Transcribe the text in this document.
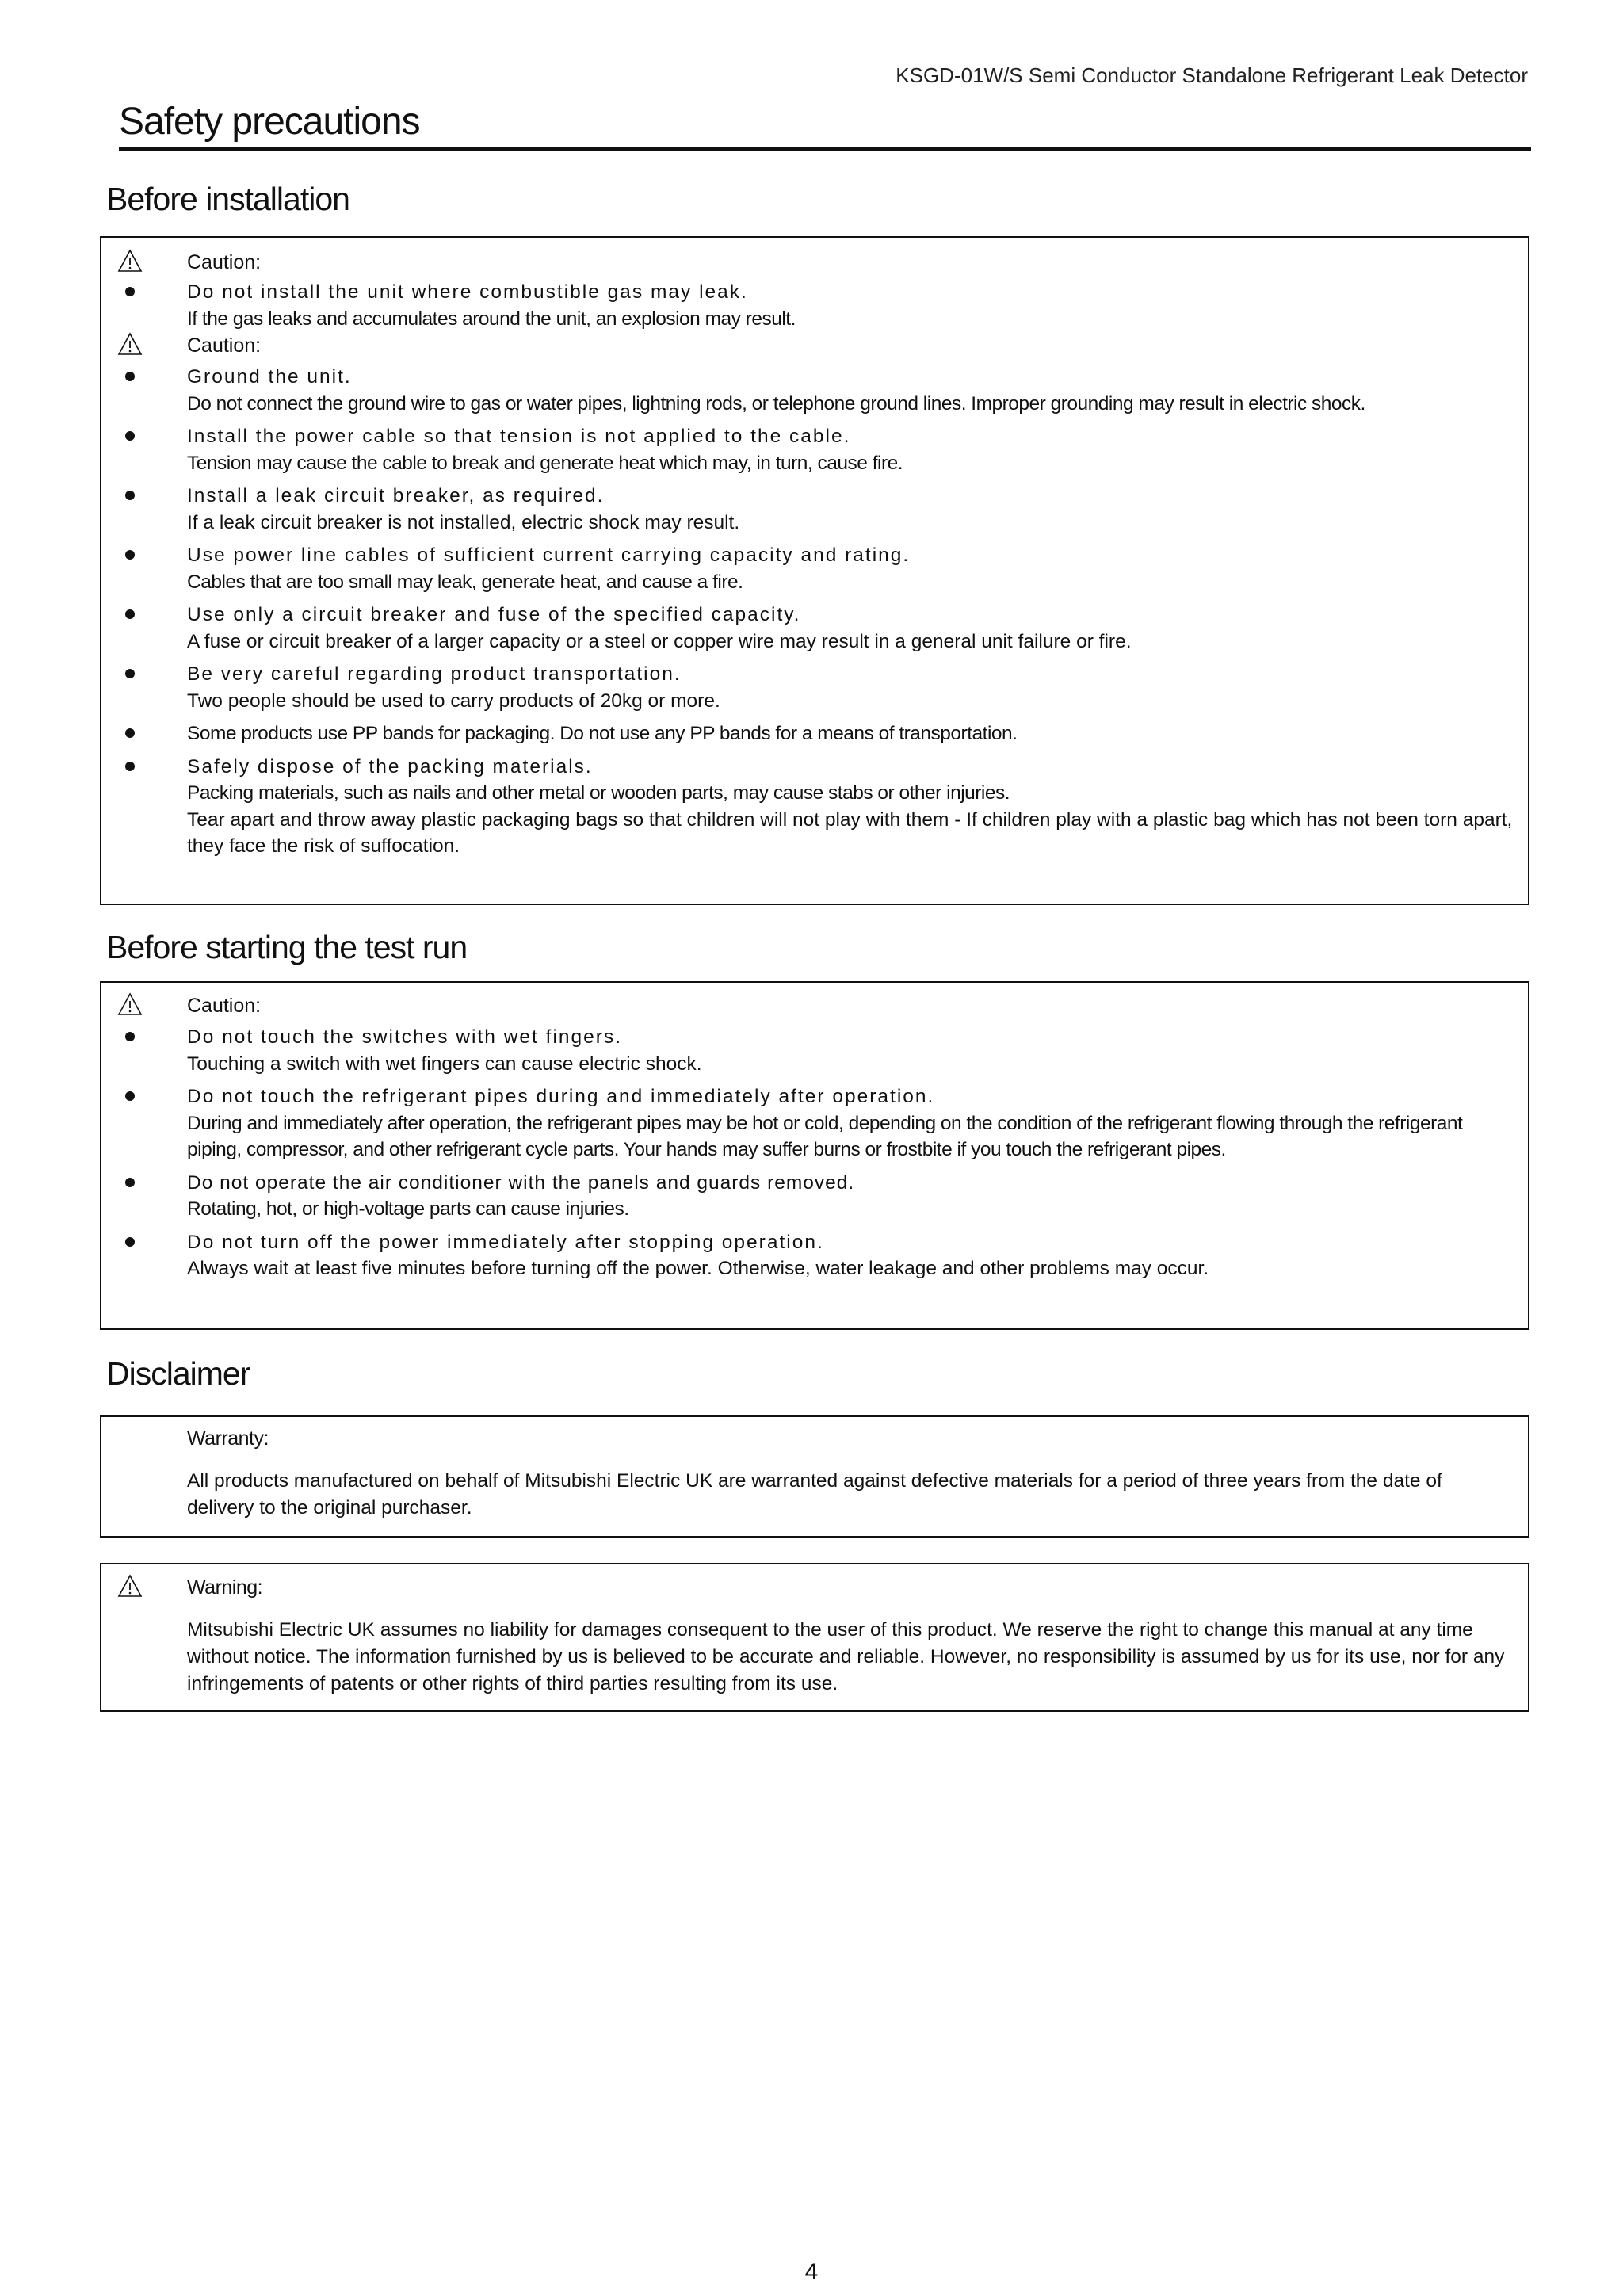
KSGD-01W/S Semi Conductor Standalone Refrigerant Leak Detector
Safety precautions
Before installation
Caution:
Do not install the unit where combustible gas may leak.
If the gas leaks and accumulates around the unit, an explosion may result.
Caution:
Ground the unit.
Do not connect the ground wire to gas or water pipes, lightning rods, or telephone ground lines. Improper grounding may result in electric shock.
Install the power cable so that tension is not applied to the cable.
Tension may cause the cable to break and generate heat which may, in turn, cause fire.
Install a leak circuit breaker, as required.
If a leak circuit breaker is not installed, electric shock may result.
Use power line cables of sufficient current carrying capacity and rating.
Cables that are too small may leak, generate heat, and cause a fire.
Use only a circuit breaker and fuse of the specified capacity.
A fuse or circuit breaker of a larger capacity or a steel or copper wire may result in a general unit failure or fire.
Be very careful regarding product transportation.
Two people should be used to carry products of 20kg or more.
Some products use PP bands for packaging. Do not use any PP bands for a means of transportation.
Safely dispose of the packing materials.
Packing materials, such as nails and other metal or wooden parts, may cause stabs or other injuries.
Tear apart and throw away plastic packaging bags so that children will not play with them - If children play with a plastic bag which has not been torn apart, they face the risk of suffocation.
Before starting the test run
Caution:
Do not touch the switches with wet fingers.
Touching a switch with wet fingers can cause electric shock.
Do not touch the refrigerant pipes during and immediately after operation.
During and immediately after operation, the refrigerant pipes may be hot or cold, depending on the condition of the refrigerant flowing through the refrigerant piping, compressor, and other refrigerant cycle parts. Your hands may suffer burns or frostbite if you touch the refrigerant pipes.
Do not operate the air conditioner with the panels and guards removed.
Rotating, hot, or high-voltage parts can cause injuries.
Do not turn off the power immediately after stopping operation.
Always wait at least five minutes before turning off the power. Otherwise, water leakage and other problems may occur.
Disclaimer
Warranty:
All products manufactured on behalf of Mitsubishi Electric UK are warranted against defective materials for a period of three years from the date of delivery to the original purchaser.
Warning:
Mitsubishi Electric UK assumes no liability for damages consequent to the user of this product. We reserve the right to change this manual at any time without notice. The information furnished by us is believed to be accurate and reliable. However, no responsibility is assumed by us for its use, nor for any infringements of patents or other rights of third parties resulting from its use.
4
